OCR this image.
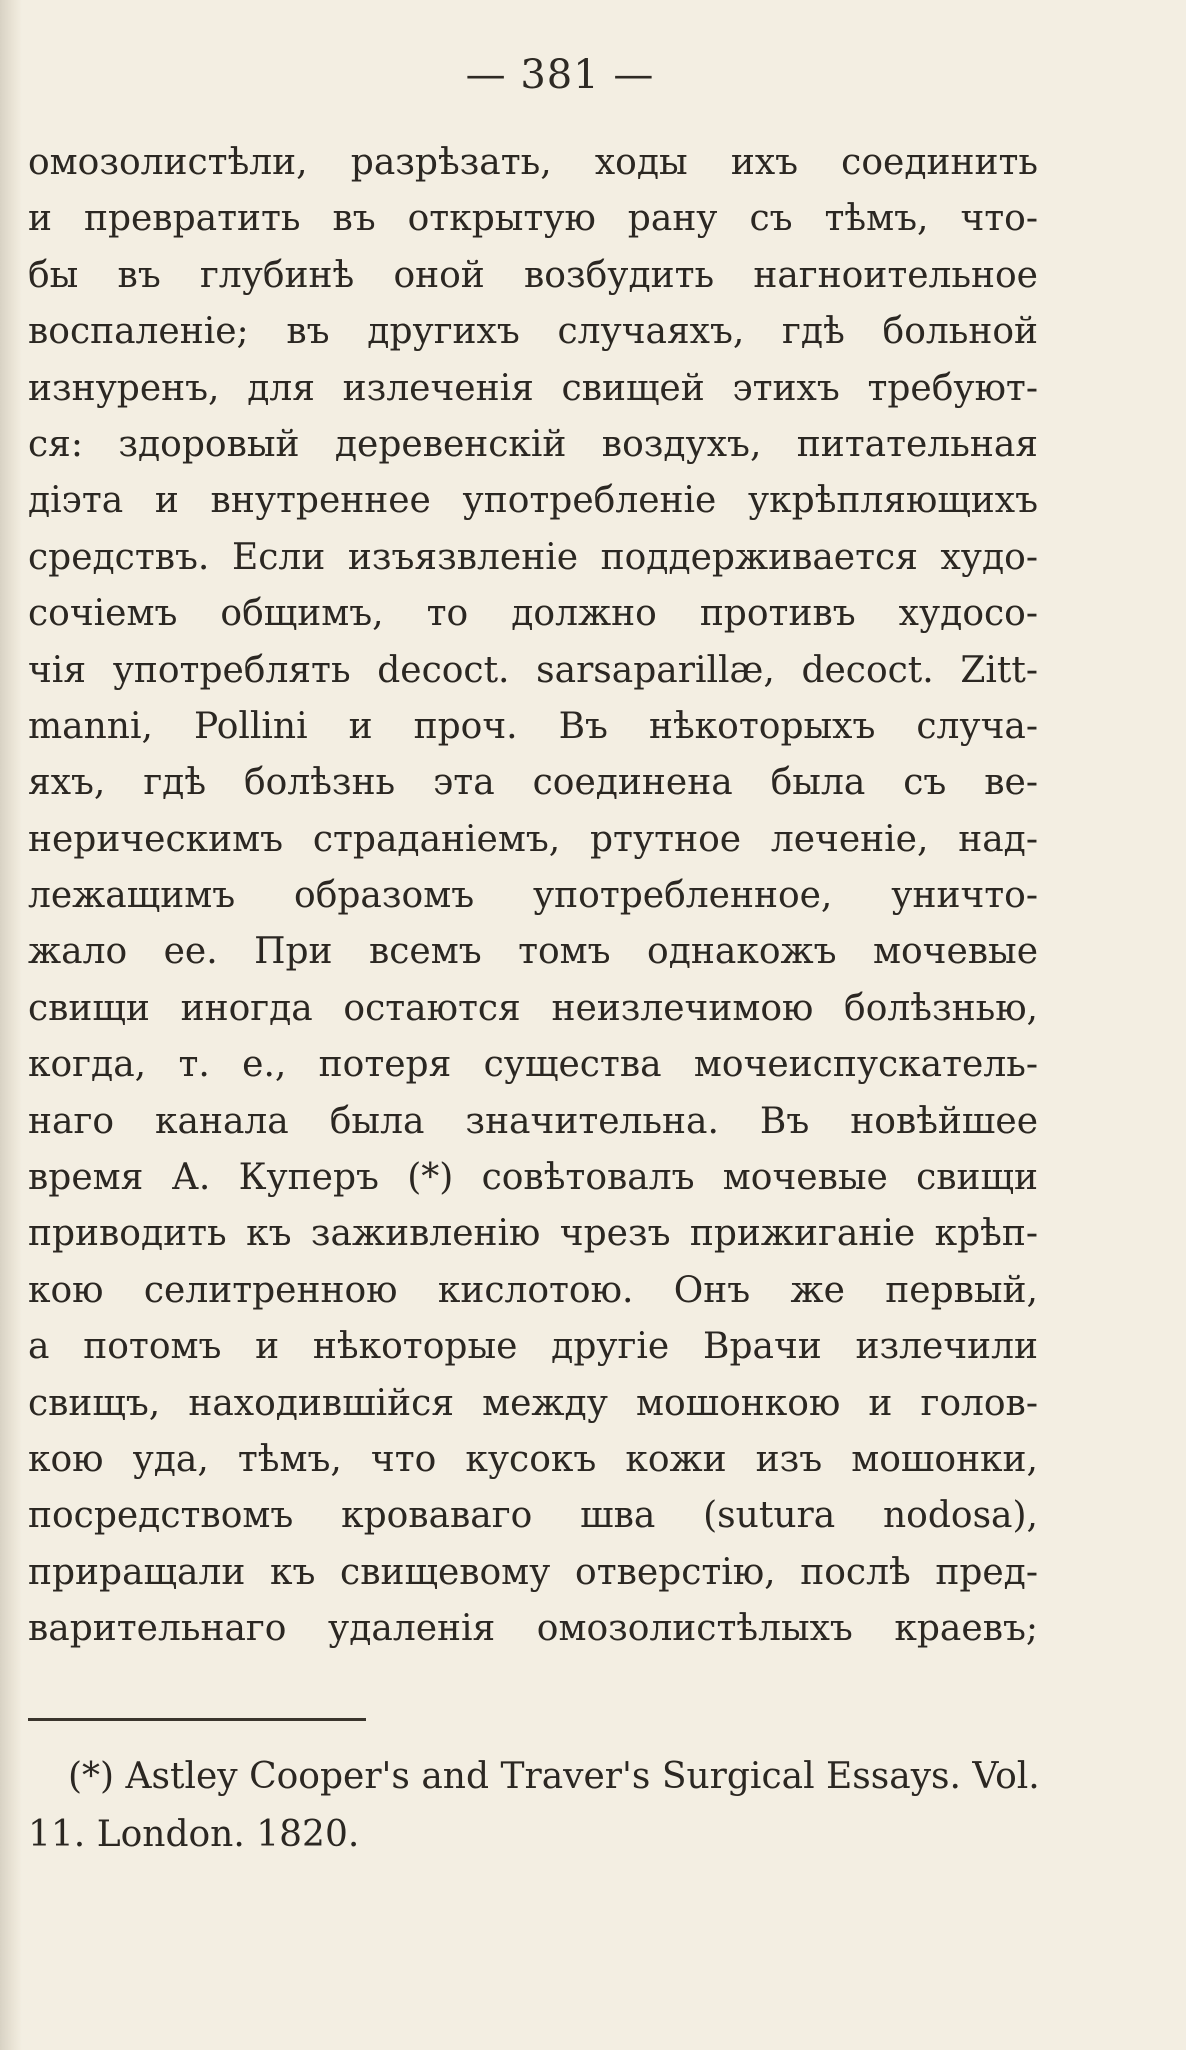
— 381 —
омозолистѣли, разрѣзать, ходы ихъ соединить
и превратить въ открытую рану съ тѣмъ, что-
бы въ глубинѣ оной возбудить нагноительное
воспаленіе; въ другихъ случаяхъ, гдѣ больной
изнуренъ, для излеченія свищей этихъ требуют-
ся: здоровый деревенскій воздухъ, питательная
діэта и внутреннее употребленіе укрѣпляющихъ
средствъ. Если изъязвленіе поддерживается худо-
сочіемъ общимъ, то должно противъ худосо-
чія употреблять decoct. sarsaparillæ, decoct. Zitt-
manni, Pollini и проч. Въ нѣкоторыхъ случа-
яхъ, гдѣ болѣзнь эта соединена была съ ве-
нерическимъ страданіемъ, ртутное леченіе, над-
лежащимъ образомъ употребленное, уничто-
жало ее. При всемъ томъ однакожъ мочевые
свищи иногда остаются неизлечимою болѣзнью,
когда, т. е., потеря существа мочеиспускатель-
наго канала была значительна. Въ новѣйшее
время А. Куперъ (*) совѣтовалъ мочевые свищи
приводить къ заживленію чрезъ прижиганіе крѣп-
кою селитренною кислотою. Онъ же первый,
а потомъ и нѣкоторые другіе Врачи излечили
свищъ, находившійся между мошонкою и голов-
кою уда, тѣмъ, что кусокъ кожи изъ мошонки,
посредствомъ кроваваго шва (sutura nodosa),
приращали къ свищевому отверстію, послѣ пред-
варительнаго удаленія омозолистѣлыхъ краевъ;
(*) Astley Cooper's and Traver's Surgical Essays. Vol.
11. London. 1820.
